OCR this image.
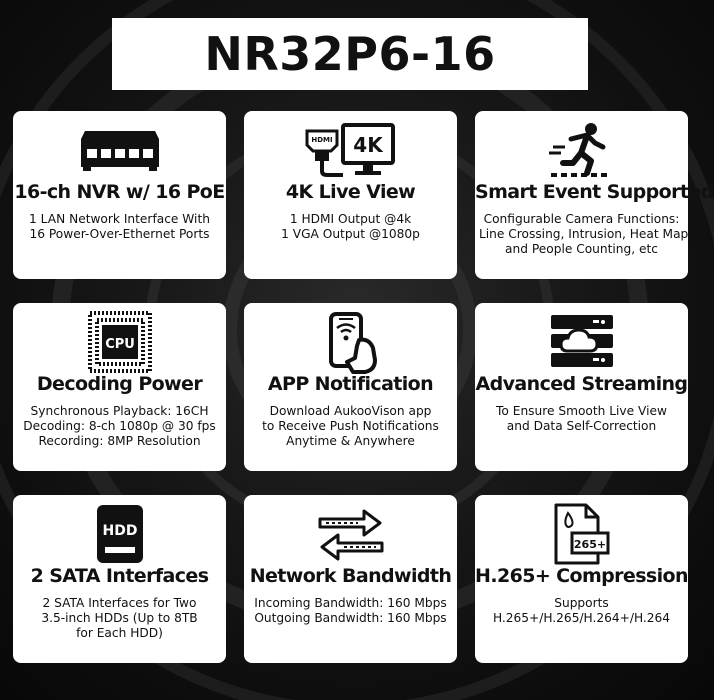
NR32P6-16
16-ch NVR w/ 16 PoE
1 LAN Network Interface With
16 Power-Over-Ethernet Ports
HDMI 4K
4K Live View
1 HDMI Output @4k
1 VGA Output @1080p
Smart Event Supported
Configurable Camera Functions:
Line Crossing, Intrusion, Heat Map,
and People Counting, etc
CPU
Decoding Power
Synchronous Playback: 16CH
Decoding: 8-ch 1080p @ 30 fps
Recording: 8MP Resolution
APP Notification
Download AukooVison app
to Receive Push Notifications
Anytime & Anywhere
Advanced Streaming
To Ensure Smooth Live View
and Data Self-Correction
HDD
2 SATA Interfaces
2 SATA Interfaces for Two
3.5-inch HDDs (Up to 8TB
for Each HDD)
Network Bandwidth
Incoming Bandwidth: 160 Mbps
Outgoing Bandwidth: 160 Mbps
265+
H.265+ Compression
Supports
H.265+/H.265/H.264+/H.264
